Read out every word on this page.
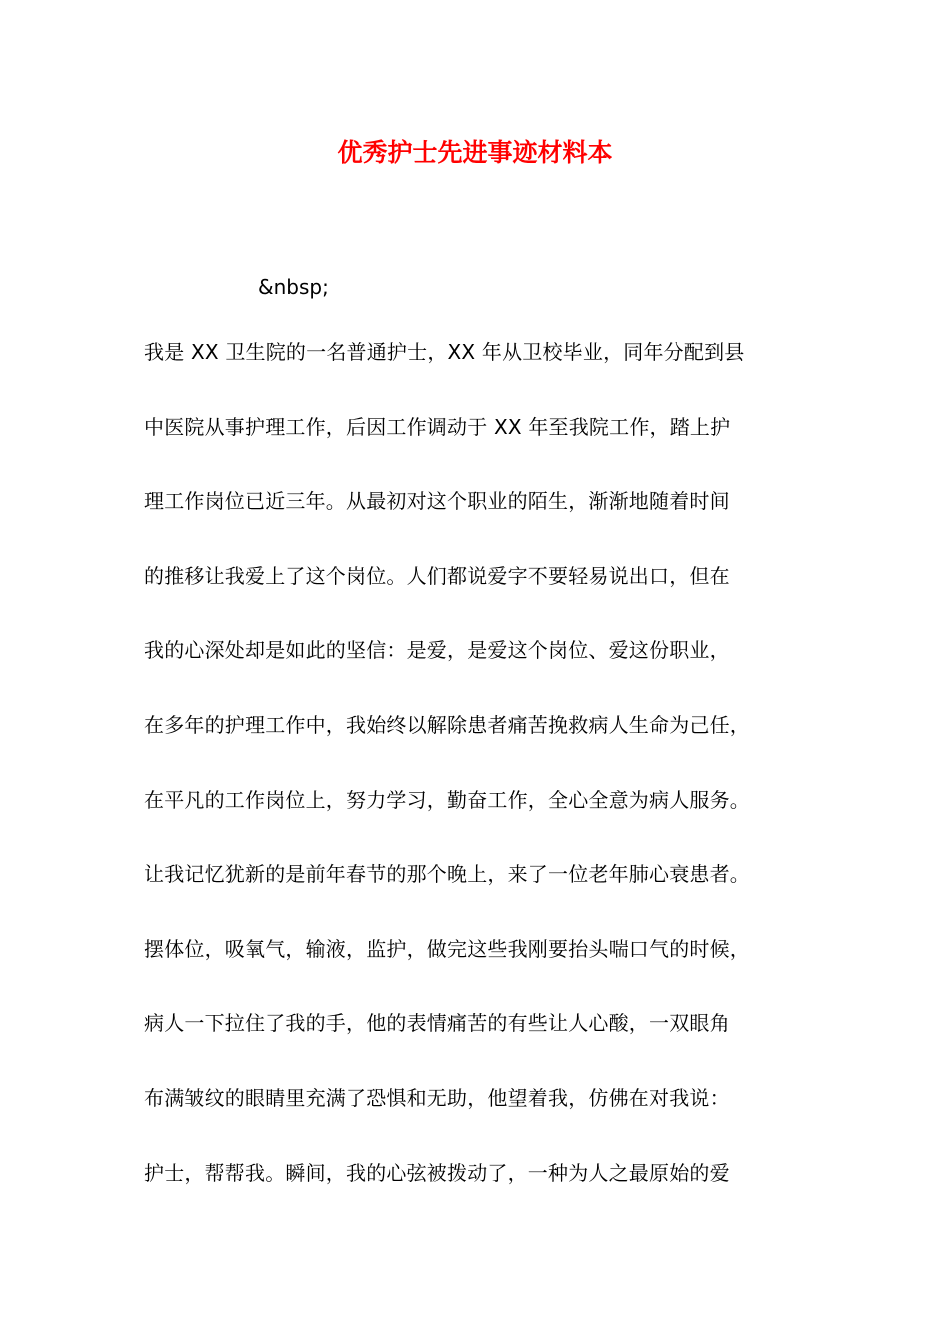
优秀护士先进事迹材料本
&nbsp;
我是 XX 卫生院的一名普通护士，XX 年从卫校毕业，同年分配到县
中医院从事护理工作，后因工作调动于 XX 年至我院工作，踏上护
理工作岗位已近三年。从最初对这个职业的陌生，渐渐地随着时间
的推移让我爱上了这个岗位。人们都说爱字不要轻易说出口，但在
我的心深处却是如此的坚信：是爱，是爱这个岗位、爱这份职业，
在多年的护理工作中，我始终以解除患者痛苦挽救病人生命为己任，
在平凡的工作岗位上，努力学习，勤奋工作，全心全意为病人服务。
让我记忆犹新的是前年春节的那个晚上，来了一位老年肺心衰患者。
摆体位，吸氧气，输液，监护，做完这些我刚要抬头喘口气的时候，
病人一下拉住了我的手，他的表情痛苦的有些让人心酸，一双眼角
布满皱纹的眼睛里充满了恐惧和无助，他望着我，仿佛在对我说：
护士，帮帮我。瞬间，我的心弦被拨动了，一种为人之最原始的爱
